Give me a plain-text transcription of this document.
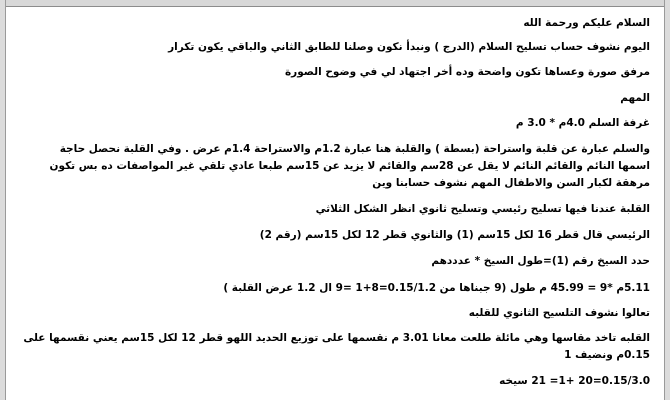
السلام عليكم ورحمة الله

اليوم نشوف حساب تسليح السلام (الدرج ) ونبدأ نكون وصلنا للطابق الثاني والباقي يكون تكرار

مرفق صورة وعساها تكون واضحة وده أخر اجتهاد لي في وضوح الصورة

المهم

غرفة السلم 4.0م * 3.0 م

والسلم عبارة عن قلبة واستراحة (بسطة ) والقلبة هنا عبارة 1.2م والاستراحة 1.4م عرض . وفي القلبة نحصل حاجة

اسمها النائم والقائم النائم لا يقل عن 28سم والقائم لا يزيد عن 15سم طبعا عادي تلقي غير المواصفات ده بس تكون

مرهقة لكبار السن والاطفال المهم نشوف حسابنا وين

القلبة عندنا فيها تسليح رئيسي وتسليح ثانوي انظر الشكل الثلاثي

الرئيسي قال قطر 16 لكل 15سم (1) والثانوي قطر 12 لكل 15سم (رقم 2)

حدد السيخ رقم (1)=طول السيخ * عدددهم

5.11م *9 = 45.99 م طول (9 جبناها من 0.15/1.2=8+1 =9 ال 1.2 عرض القلبة )

تعالوا نشوف التلسيح الثانوي للقلبه

القلبه تاخد مقاسها وهي مائلة طلعت معانا 3.01 م نقسمها على توزيع الحديد اللهو قطر 12 لكل 15سم يعني نقسمها على

0.15م ونضيف 1

0.15/3.0=20 +1= 21 سيخه
